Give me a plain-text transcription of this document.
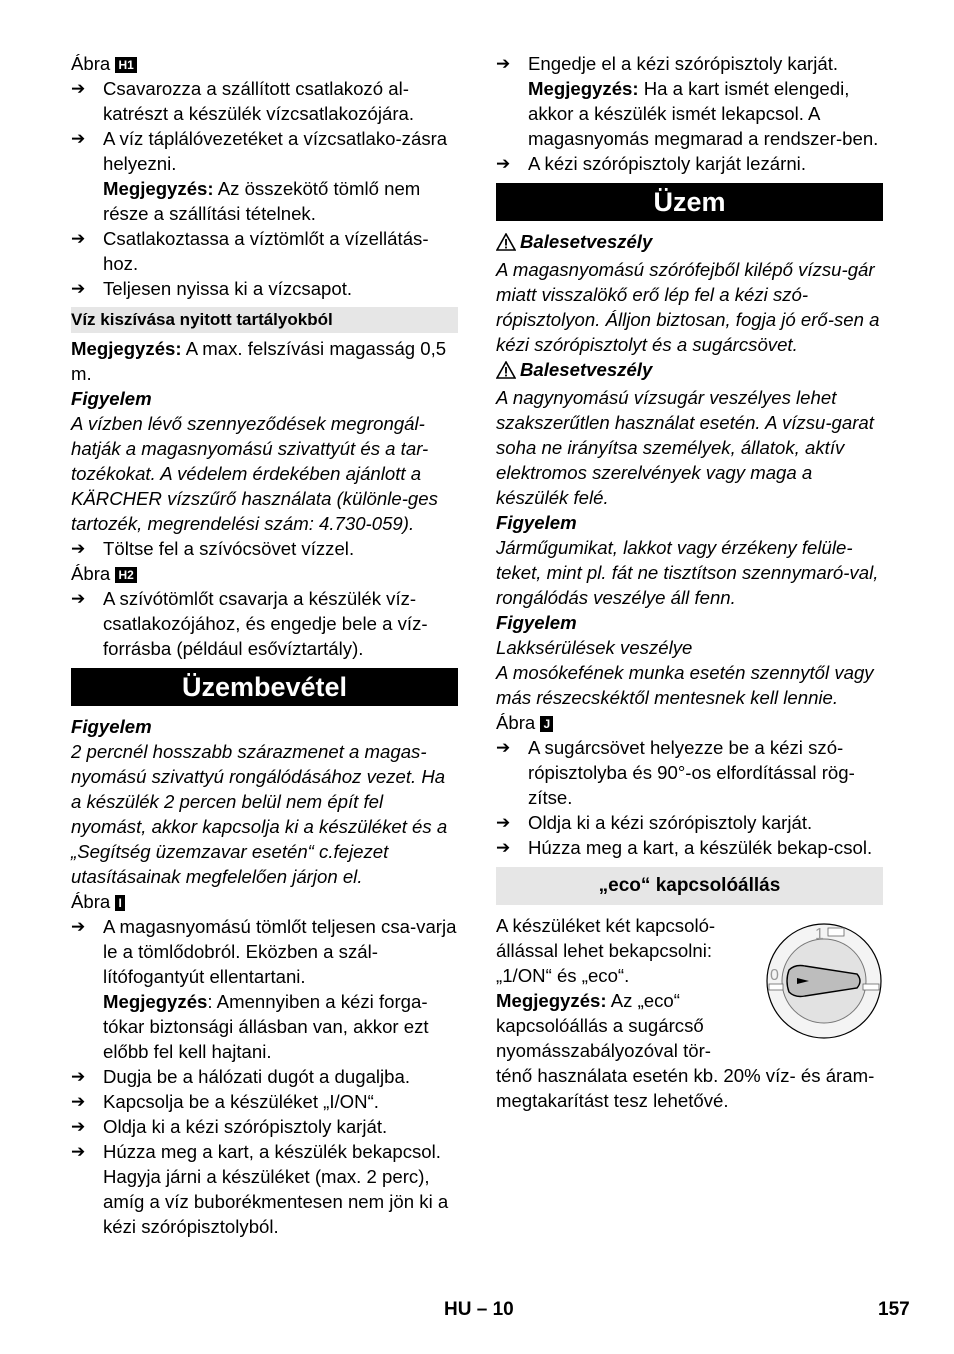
Ábra H1

➔ Csavarozza a szállított csatlakozó al-katrészt a készülék vízcsatlakozójára.
➔ A víz táplálóvezetéket a vízcsatlako-zásra helyezni.
Megjegyzés: Az összekötő tömlő nem része a szállítási tételnek.
➔ Csatlakoztassa a víztömlőt a vízellátás-hoz.
➔ Teljesen nyissa ki a vízcsapot.
Víz kiszívása nyitott tartályokból

Megjegyzés: A max. felszívási magasság 0,5 m.

Figyelem

A vízben lévő szennyeződések megrongál-hatják a magasnyomású szivattyút és a tar-tozékokat. A védelem érdekében ajánlott a KÄRCHER vízszűrő használata (különle-ges tartozék, megrendelési szám: 4.730-059).

➔ Töltse fel a szívócsövet vízzel.

Ábra H2

➔ A szívótömlőt csavarja a készülék víz-csatlakozójához, és engedje bele a víz-forrásba (például esővíztartály).
Üzembevétel

Figyelem

2 percnél hosszabb szárazmenet a magas-nyomású szivattyú rongálódásához vezet. Ha a készülék 2 percen belül nem épít fel nyomást, akkor kapcsolja ki a készüléket és a „Segítség üzemzavar esetén“ c.fejezet utasításainak megfelelően járjon el.

Ábra I

➔ A magasnyomású tömlőt teljesen csa-varja le a tömlődobról. Eközben a szál-lítófogantyút ellentartani.
Megjegyzés: Amennyiben a kézi forga-tókar biztonsági állásban van, akkor ezt előbb fel kell hajtani.
➔ Dugja be a hálózati dugót a dugaljba.
➔ Kapcsolja be a készüléket „I/ON“.
➔ Oldja ki a kézi szórópisztoly karját.
➔ Húzza meg a kart, a készülék bekapcsol. Hagyja járni a készüléket (max. 2 perc), amíg a víz buborékmentesen nem jön ki a kézi szórópisztolyból.
➔ Engedje el a kézi szórópisztoly karját.
Megjegyzés: Ha a kart ismét elengedi, akkor a készülék ismét lekapcsol. A magasnyomás megmarad a rendszer-ben.
➔ A kézi szórópisztoly karját lezárni.
Üzem

Balesetveszély

A magasnyomású szórófejből kilépő vízsu-gár miatt visszalökő erő lép fel a kézi szó-rópisztolyon. Álljon biztosan, fogja jó erő-sen a kézi szórópisztolyt és a sugárcsövet.

Balesetveszély

A nagynyomású vízsugár veszélyes lehet szakszerűtlen használat esetén. A vízsu-garat soha ne irányítsa személyek, állatok, aktív elektromos szerelvények vagy maga a készülék felé.

Figyelem

Járműgumikat, lakkot vagy érzékeny felüle-teket, mint pl. fát ne tisztítson szennymaró-val, rongálódás veszélye áll fenn.

Figyelem

Lakksérülések veszélye

A mosókefének munka esetén szennytől vagy más részecskéktől mentesnek kell lennie.

Ábra J

➔ A sugárcsövet helyezze be a kézi szó-rópisztolyba és 90°-os elfordítással rög-zítse.
➔ Oldja ki a kézi szórópisztoly karját.
➔ Húzza meg a kart, a készülék bekap-csol.
„eco“ kapcsolóállás

A készüléket két kapcsoló-állással lehet bekapcsolni: „1/ON“ és „eco“.

Megjegyzés: Az „eco“ kapcsolóállás a sugárcső nyomásszabályozóval tör-

ténő használata esetén kb. 20% víz- és áram-megtakarítást tesz lehetővé.

1
0
HU – 10	157
